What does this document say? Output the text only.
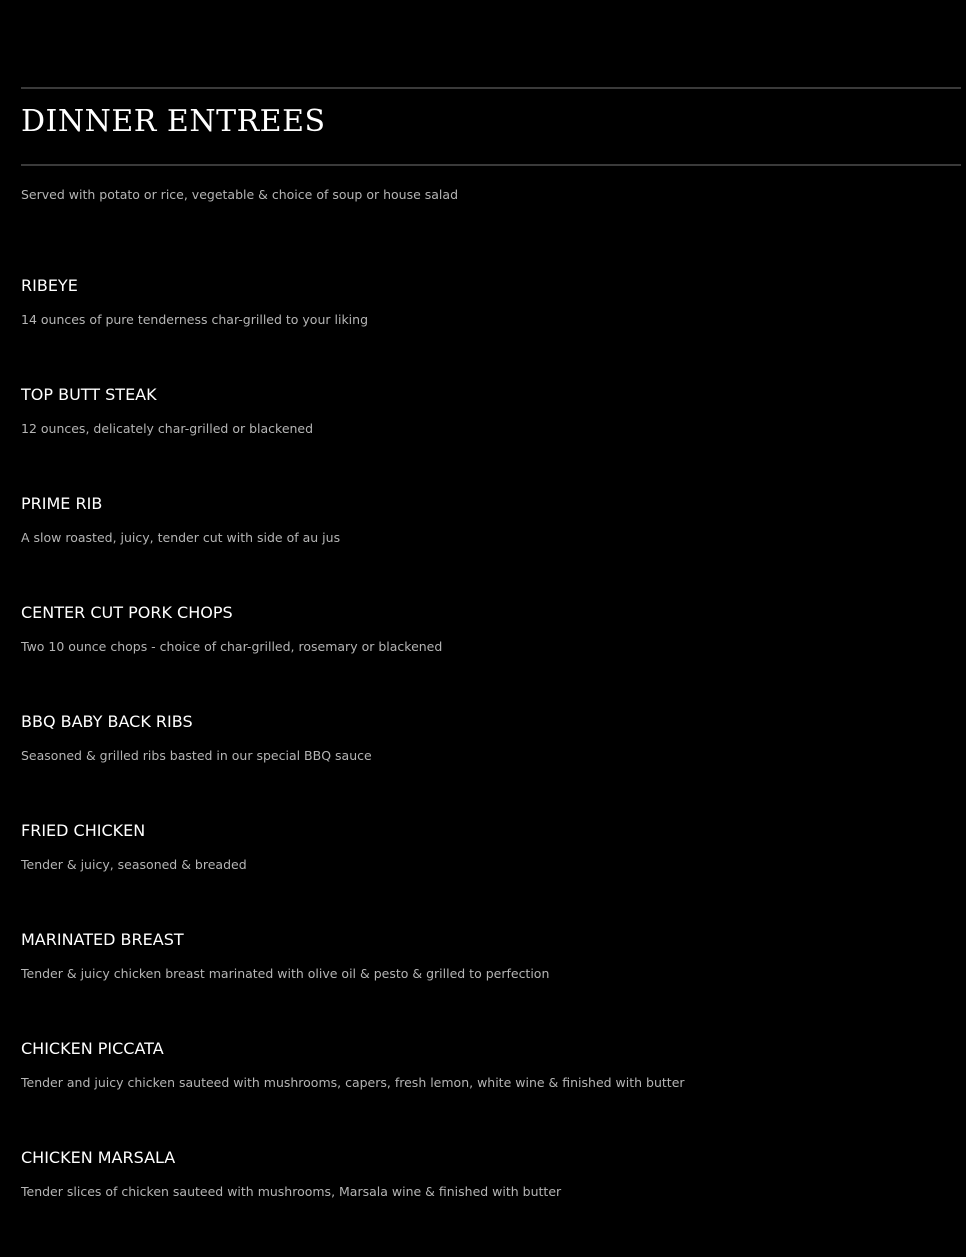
DINNER ENTREES

Served with potato or rice, vegetable & choice of soup or house salad

RIBEYE

14 ounces of pure tenderness char-grilled to your liking

TOP BUTT STEAK

12 ounces, delicately char-grilled or blackened

PRIME RIB

A slow roasted, juicy, tender cut with side of au jus

CENTER CUT PORK CHOPS

Two 10 ounce chops - choice of char-grilled, rosemary or blackened

BBQ BABY BACK RIBS

Seasoned & grilled ribs basted in our special BBQ sauce

FRIED CHICKEN

Tender & juicy, seasoned & breaded

MARINATED BREAST

Tender & juicy chicken breast marinated with olive oil & pesto & grilled to perfection

CHICKEN PICCATA

Tender and juicy chicken sauteed with mushrooms, capers, fresh lemon, white wine & finished with butter

CHICKEN MARSALA

Tender slices of chicken sauteed with mushrooms, Marsala wine & finished with butter
